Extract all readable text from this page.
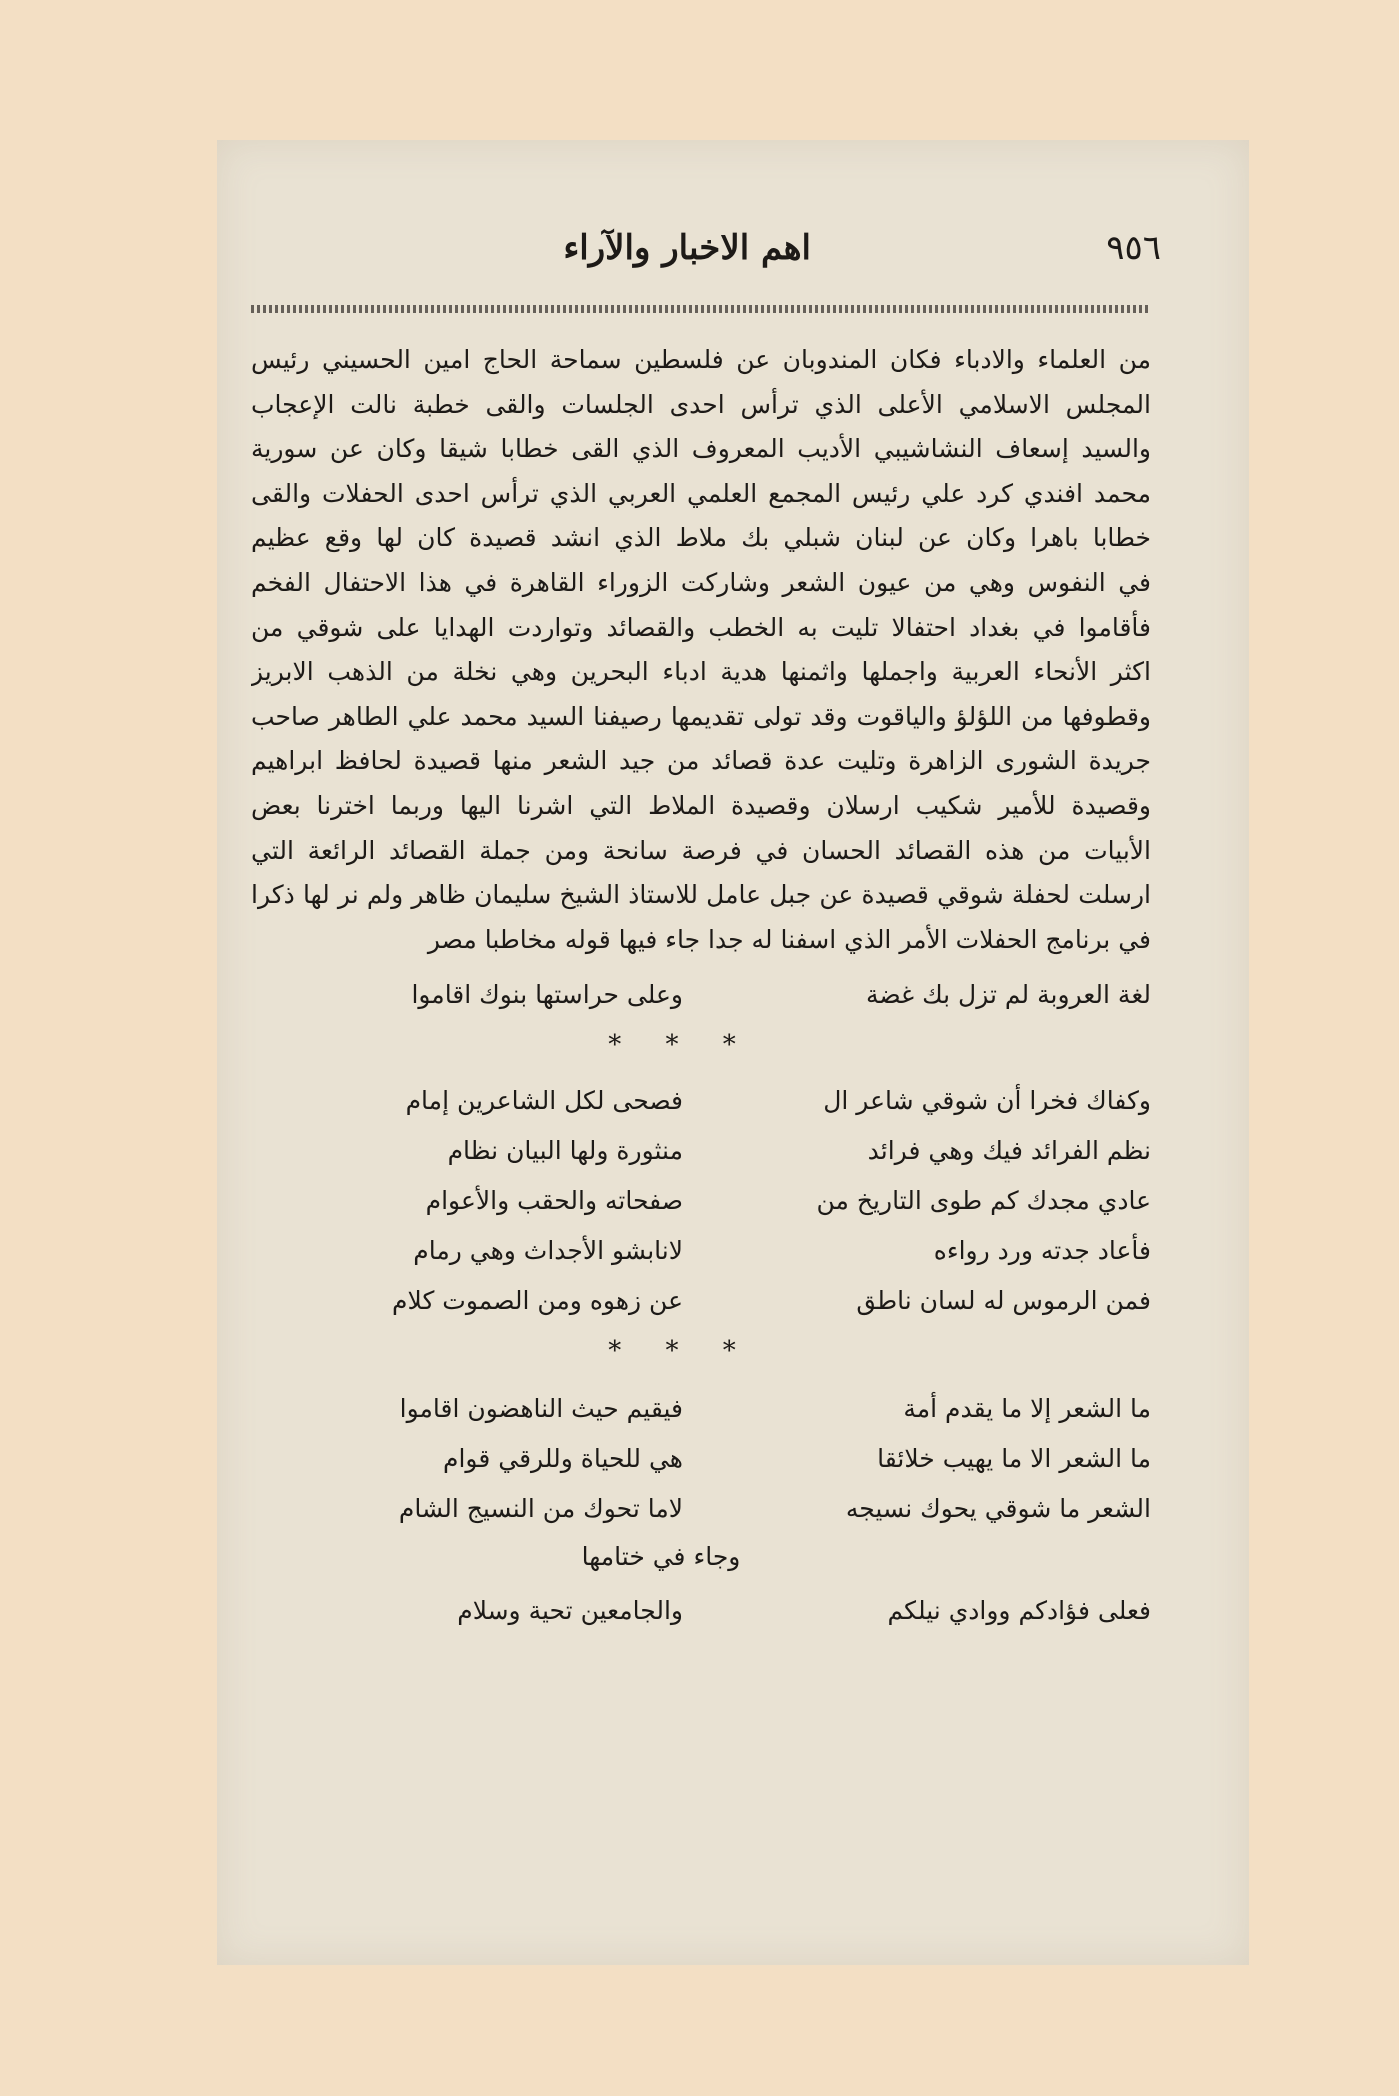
٩٥٦
اهم الاخبار والآراء
من العلماء والادباء فكان المندوبان عن فلسطين سماحة الحاج امين الحسيني رئيس
المجلس الاسلامي الأعلى الذي ترأس احدى الجلسات والقى خطبة نالت الإعجاب
والسيد إسعاف النشاشيبي الأديب المعروف الذي القى خطابا شيقا وكان عن سورية
محمد افندي كرد علي رئيس المجمع العلمي العربي الذي ترأس احدى الحفلات والقى
خطابا باهرا وكان عن لبنان شبلي بك ملاط الذي انشد قصيدة كان لها وقع عظيم
في النفوس وهي من عيون الشعر وشاركت الزوراء القاهرة في هذا الاحتفال الفخم
فأقاموا في بغداد احتفالا تليت به الخطب والقصائد وتواردت الهدايا على شوقي من
اكثر الأنحاء العربية واجملها واثمنها هدية ادباء البحرين وهي نخلة من الذهب الابريز
وقطوفها من اللؤلؤ والياقوت وقد تولى تقديمها رصيفنا السيد محمد علي الطاهر صاحب
جريدة الشورى الزاهرة وتليت عدة قصائد من جيد الشعر منها قصيدة لحافظ ابراهيم
وقصيدة للأمير شكيب ارسلان وقصيدة الملاط التي اشرنا اليها وربما اخترنا بعض
الأبيات من هذه القصائد الحسان في فرصة سانحة ومن جملة القصائد الرائعة التي
ارسلت لحفلة شوقي قصيدة عن جبل عامل للاستاذ الشيخ سليمان ظاهر ولم نر لها ذكرا
في برنامج الحفلات الأمر الذي اسفنا له جدا جاء فيها قوله مخاطبا مصر
لغة العروبة لم تزل بك غضة
وعلى حراستها بنوك اقاموا
* * *
وكفاك فخرا أن شوقي شاعر ال
فصحى لكل الشاعرين إمام
نظم الفرائد فيك وهي فرائد
منثورة ولها البيان نظام
عادي مجدك كم طوى التاريخ من
صفحاته والحقب والأعوام
فأعاد جدته ورد رواءه
لانابشو الأجداث وهي رمام
فمن الرموس له لسان ناطق
عن زهوه ومن الصموت كلام
* * *
ما الشعر إلا ما يقدم أمة
فيقيم حيث الناهضون اقاموا
ما الشعر الا ما يهيب خلائقا
هي للحياة وللرقي قوام
الشعر ما شوقي يحوك نسيجه
لاما تحوك من النسيج الشام
وجاء في ختامها
فعلى فؤادكم ووادي نيلكم
والجامعين تحية وسلام
